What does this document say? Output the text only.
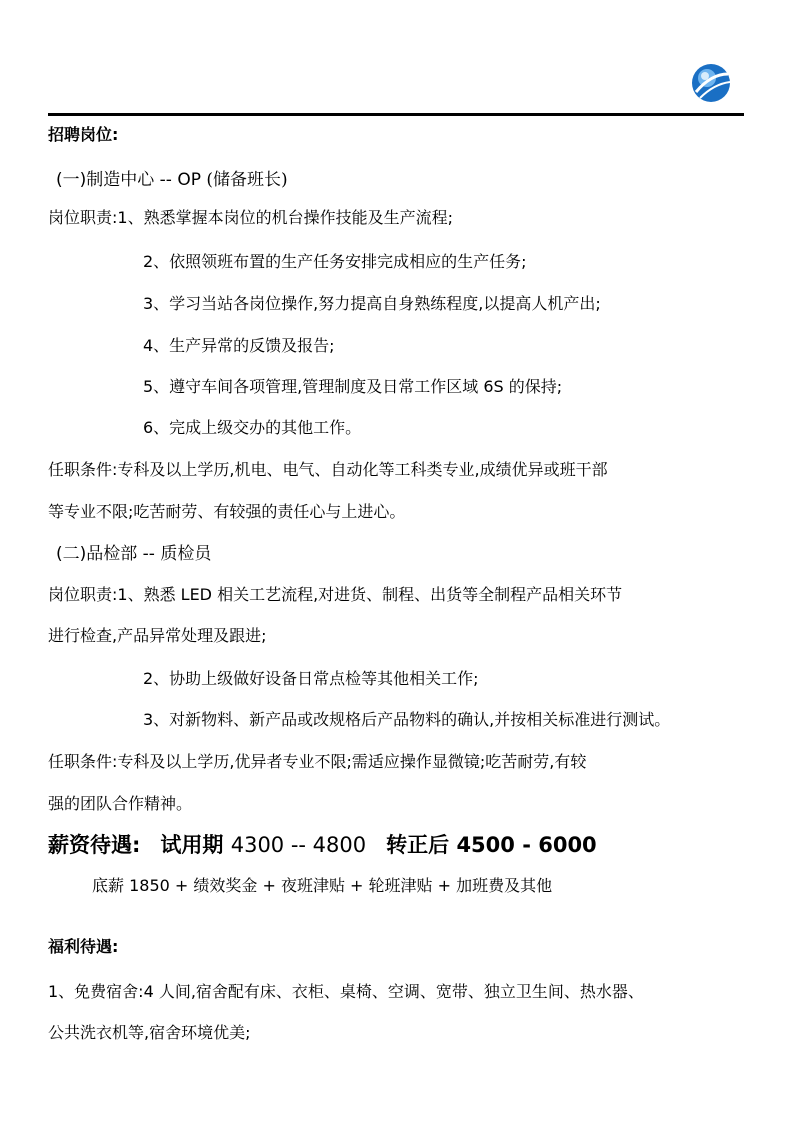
招聘岗位:
(一)制造中心 -- OP (储备班长)
岗位职责:1、熟悉掌握本岗位的机台操作技能及生产流程;
2、依照领班布置的生产任务安排完成相应的生产任务;
3、学习当站各岗位操作,努力提高自身熟练程度,以提高人机产出;
4、生产异常的反馈及报告;
5、遵守车间各项管理,管理制度及日常工作区域 6S 的保持;
6、完成上级交办的其他工作。
任职条件:专科及以上学历,机电、电气、自动化等工科类专业,成绩优异或班干部
等专业不限;吃苦耐劳、有较强的责任心与上进心。
(二)品检部 -- 质检员
岗位职责:1、熟悉 LED 相关工艺流程,对进货、制程、出货等全制程产品相关环节
进行检查,产品异常处理及跟进;
2、协助上级做好设备日常点检等其他相关工作;
3、对新物料、新产品或改规格后产品物料的确认,并按相关标准进行测试。
任职条件:专科及以上学历,优异者专业不限;需适应操作显微镜;吃苦耐劳,有较
强的团队合作精神。
薪资待遇: 试用期 4300 -- 4800 转正后 4500 - 6000
底薪 1850 + 绩效奖金 + 夜班津贴 + 轮班津贴 + 加班费及其他
福利待遇:
1、免费宿舍:4 人间,宿舍配有床、衣柜、桌椅、空调、宽带、独立卫生间、热水器、
公共洗衣机等,宿舍环境优美;
